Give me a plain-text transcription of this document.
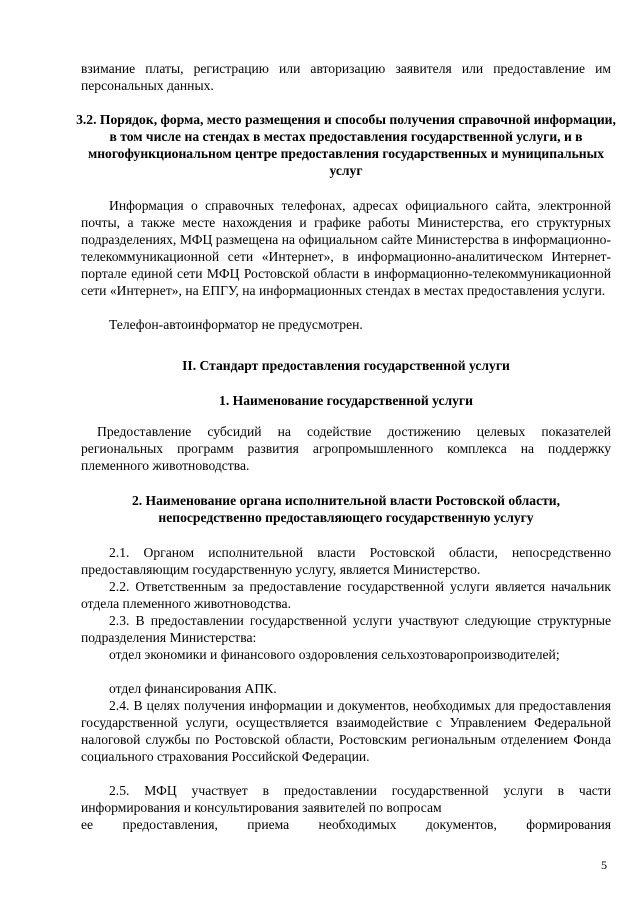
взимание платы, регистрацию или авторизацию заявителя или предоставление им персональных данных.

3.2. Порядок, форма, место размещения и способы получения справочной информации, в том числе на стендах в местах предоставления государственной услуги, и в многофункциональном центре предоставления государственных и муниципальных услуг

Информация о справочных телефонах, адресах официального сайта, электронной почты, а также месте нахождения и графике работы Министерства, его структурных подразделениях, МФЦ размещена на официальном сайте Министерства в информационно-телекоммуникационной сети «Интернет», в информационно-аналитическом Интернет-портале единой сети МФЦ Ростовской области в информационно-телекоммуникационной сети «Интернет», на ЕПГУ, на информационных стендах в местах предоставления услуги.

Телефон-автоинформатор не предусмотрен.

II. Стандарт предоставления государственной услуги

1. Наименование государственной услуги

Предоставление субсидий на содействие достижению целевых показателей региональных программ развития агропромышленного комплекса на поддержку племенного животноводства.

2. Наименование органа исполнительной власти Ростовской области, непосредственно предоставляющего государственную услугу

2.1. Органом исполнительной власти Ростовской области, непосредственно предоставляющим государственную услугу, является Министерство.

2.2. Ответственным за предоставление государственной услуги является начальник отдела племенного животноводства.

2.3. В предоставлении государственной услуги участвуют следующие структурные подразделения Министерства:

отдел экономики и финансового оздоровления сельхозтоваропроизводителей;

отдел финансирования АПК.

2.4. В целях получения информации и документов, необходимых для предоставления государственной услуги, осуществляется взаимодействие с Управлением Федеральной налоговой службы по Ростовской области, Ростовским региональным отделением Фонда социального страхования Российской Федерации.

2.5. МФЦ участвует в предоставлении государственной услуги в части информирования и консультирования заявителей по вопросам

ее предоставления, приема необходимых документов, формирования

5
